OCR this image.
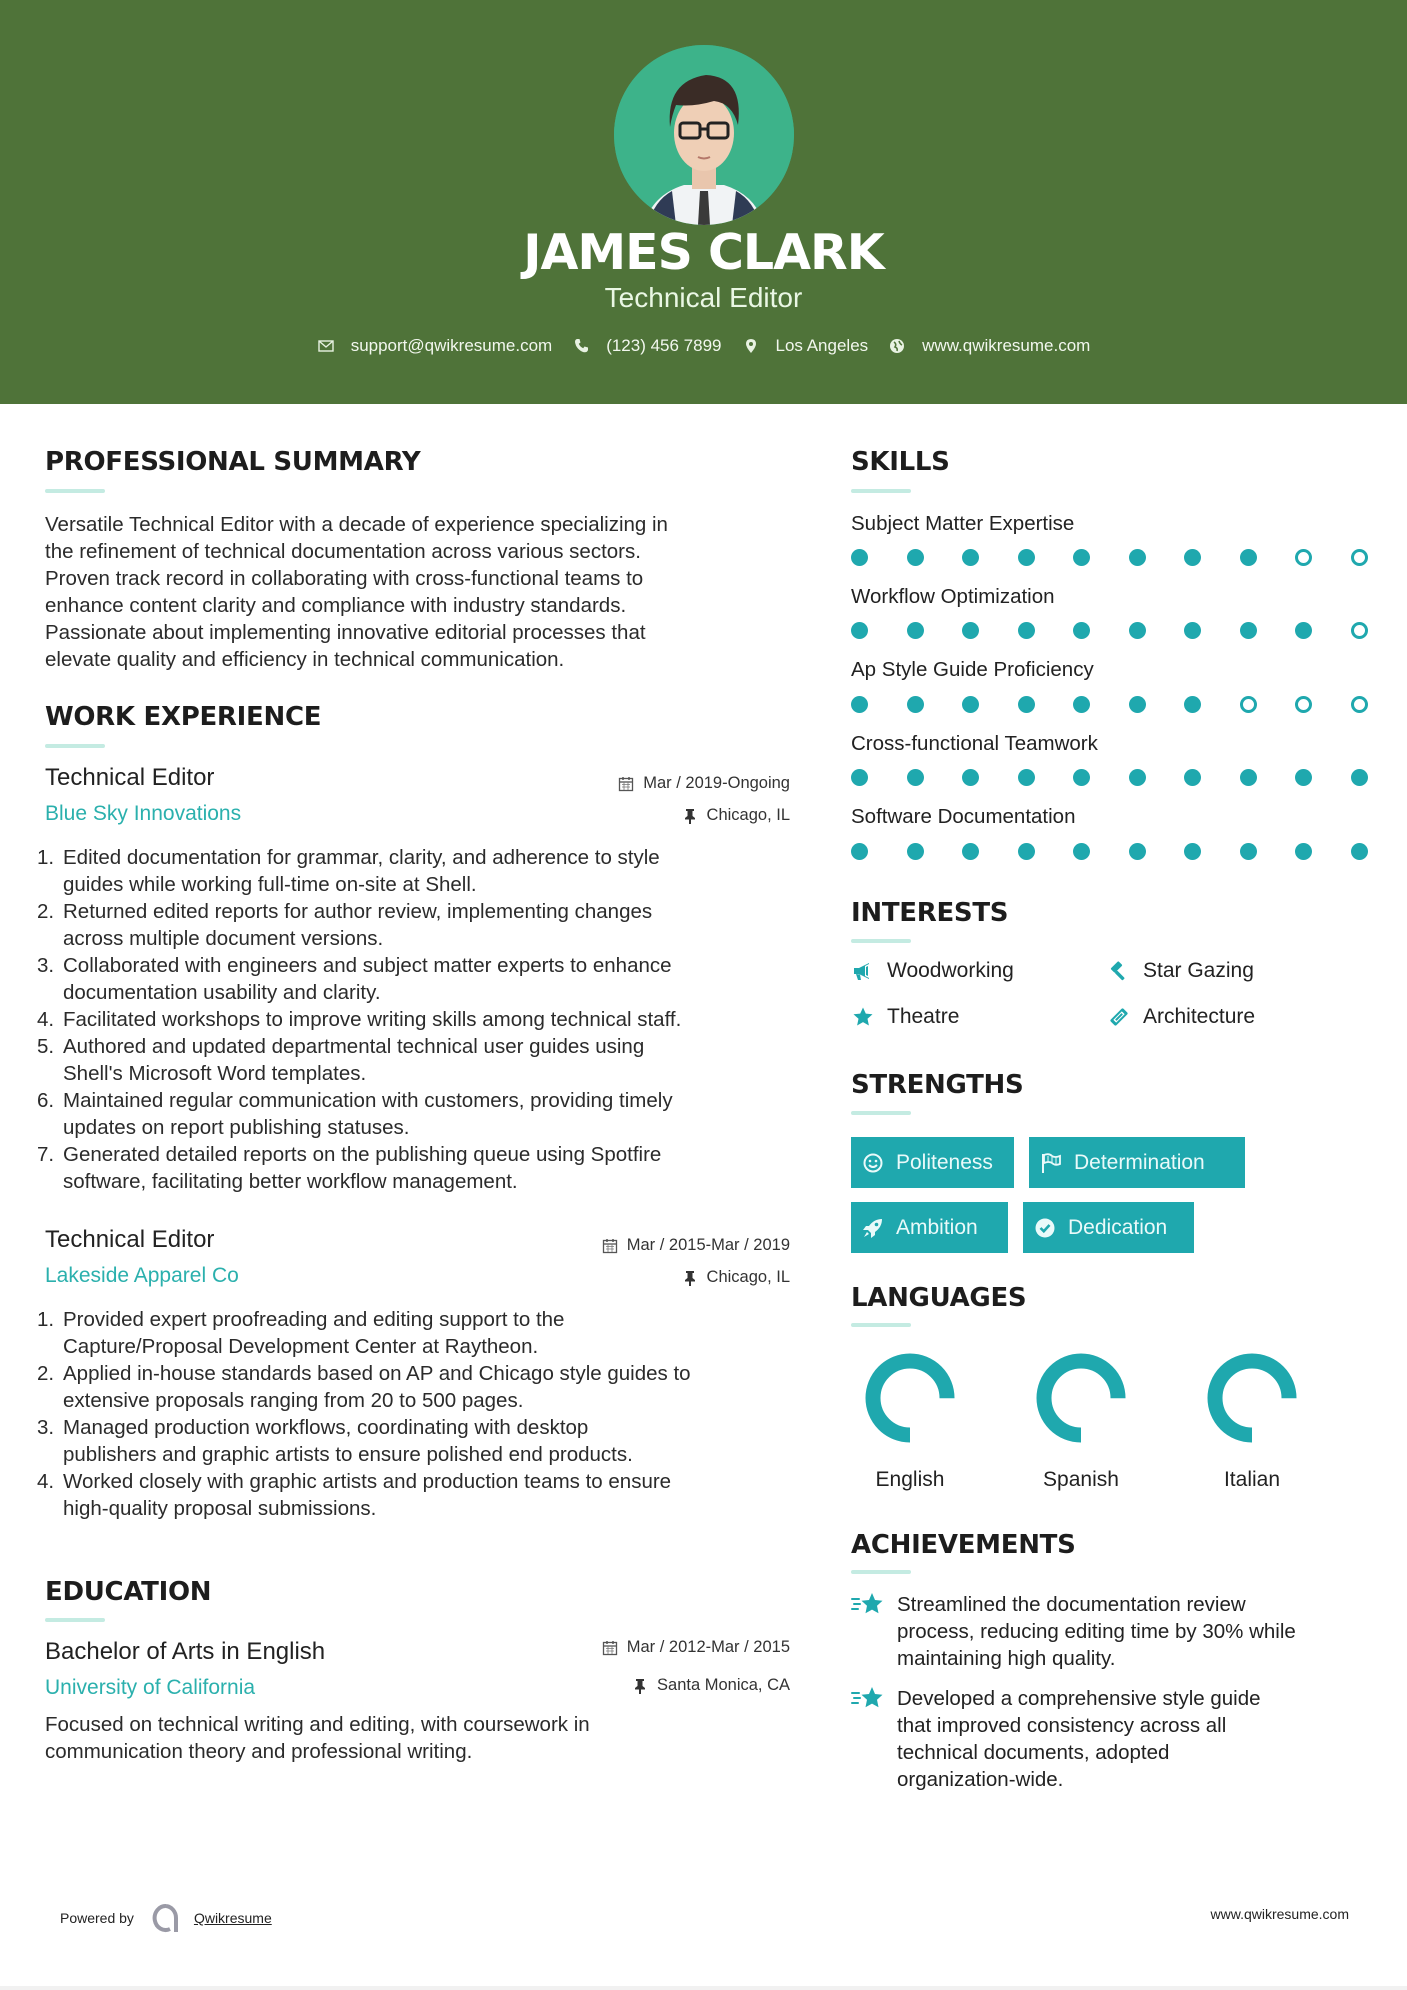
JAMES CLARK
Technical Editor
support@qwikresume.com	(123) 456 7899	Los Angeles	www.qwikresume.com
PROFESSIONAL SUMMARY
Versatile Technical Editor with a decade of experience specializing in
the refinement of technical documentation across various sectors.
Proven track record in collaborating with cross-functional teams to
enhance content clarity and compliance with industry standards.
Passionate about implementing innovative editorial processes that
elevate quality and efficiency in technical communication.
WORK EXPERIENCE
Technical Editor	Mar / 2019-Ongoing
Blue Sky Innovations	Chicago, IL
1. Edited documentation for grammar, clarity, and adherence to style
guides while working full-time on-site at Shell.
2. Returned edited reports for author review, implementing changes
across multiple document versions.
3. Collaborated with engineers and subject matter experts to enhance
documentation usability and clarity.
4. Facilitated workshops to improve writing skills among technical staff.
5. Authored and updated departmental technical user guides using
Shell's Microsoft Word templates.
6. Maintained regular communication with customers, providing timely
updates on report publishing statuses.
7. Generated detailed reports on the publishing queue using Spotfire
software, facilitating better workflow management.
Technical Editor	Mar / 2015-Mar / 2019
Lakeside Apparel Co	Chicago, IL
1. Provided expert proofreading and editing support to the
Capture/Proposal Development Center at Raytheon.
2. Applied in-house standards based on AP and Chicago style guides to
extensive proposals ranging from 20 to 500 pages.
3. Managed production workflows, coordinating with desktop
publishers and graphic artists to ensure polished end products.
4. Worked closely with graphic artists and production teams to ensure
high-quality proposal submissions.
EDUCATION
Bachelor of Arts in English	Mar / 2012-Mar / 2015
University of California	Santa Monica, CA
Focused on technical writing and editing, with coursework in
communication theory and professional writing.
SKILLS
Subject Matter Expertise
Workflow Optimization
Ap Style Guide Proficiency
Cross-functional Teamwork
Software Documentation
INTERESTS
Woodworking	Star Gazing
Theatre	Architecture
STRENGTHS
Politeness	Determination
Ambition	Dedication
LANGUAGES
English	Spanish	Italian
ACHIEVEMENTS
Streamlined the documentation review
process, reducing editing time by 30% while
maintaining high quality.
Developed a comprehensive style guide
that improved consistency across all
technical documents, adopted
organization-wide.
Powered by	Qwikresume	www.qwikresume.com
